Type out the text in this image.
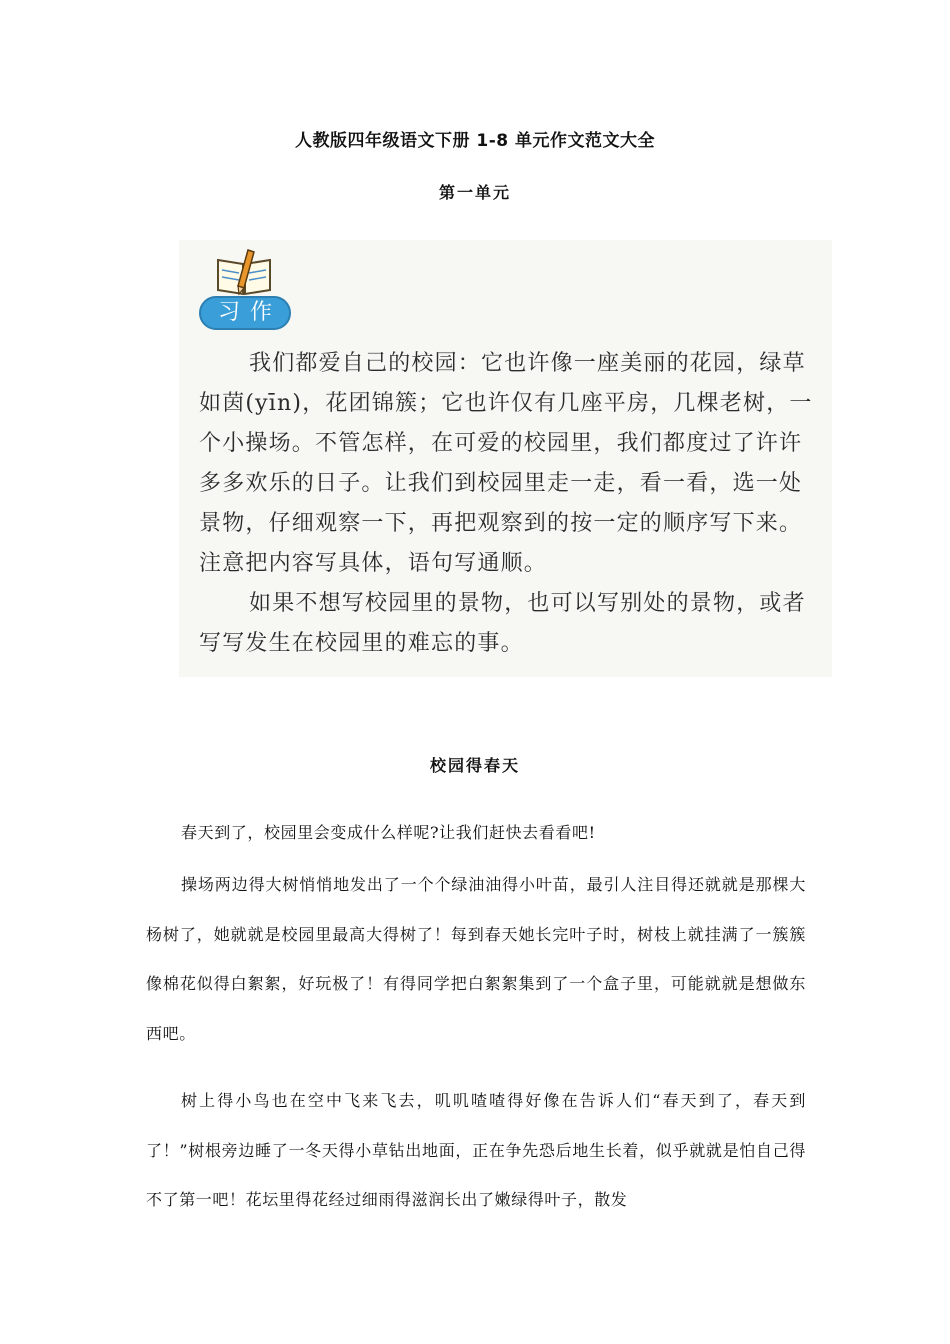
人教版四年级语文下册 1-8 单元作文范文大全
第一单元
习作

我们都爱自己的校园：它也许像一座美丽的花园，绿草如茵(yīn)，花团锦簇；它也许仅有几座平房，几棵老树，一个小操场。不管怎样，在可爱的校园里，我们都度过了许许多多欢乐的日子。让我们到校园里走一走，看一看，选一处景物，仔细观察一下，再把观察到的按一定的顺序写下来。注意把内容写具体，语句写通顺。

如果不想写校园里的景物，也可以写别处的景物，或者写写发生在校园里的难忘的事。

校园得春天

春天到了，校园里会变成什么样呢?让我们赶快去看看吧!

操场两边得大树悄悄地发出了一个个绿油油得小叶苗，最引人注目得还就就是那棵大杨树了，她就就是校园里最高大得树了！每到春天她长完叶子时，树枝上就挂满了一簇簇像棉花似得白絮絮，好玩极了！有得同学把白絮絮集到了一个盒子里，可能就就是想做东西吧。

树上得小鸟也在空中飞来飞去，叽叽喳喳得好像在告诉人们“春天到了，春天到了！”树根旁边睡了一冬天得小草钻出地面，正在争先恐后地生长着，似乎就就是怕自己得不了第一吧！花坛里得花经过细雨得滋润长出了嫩绿得叶子，散发
